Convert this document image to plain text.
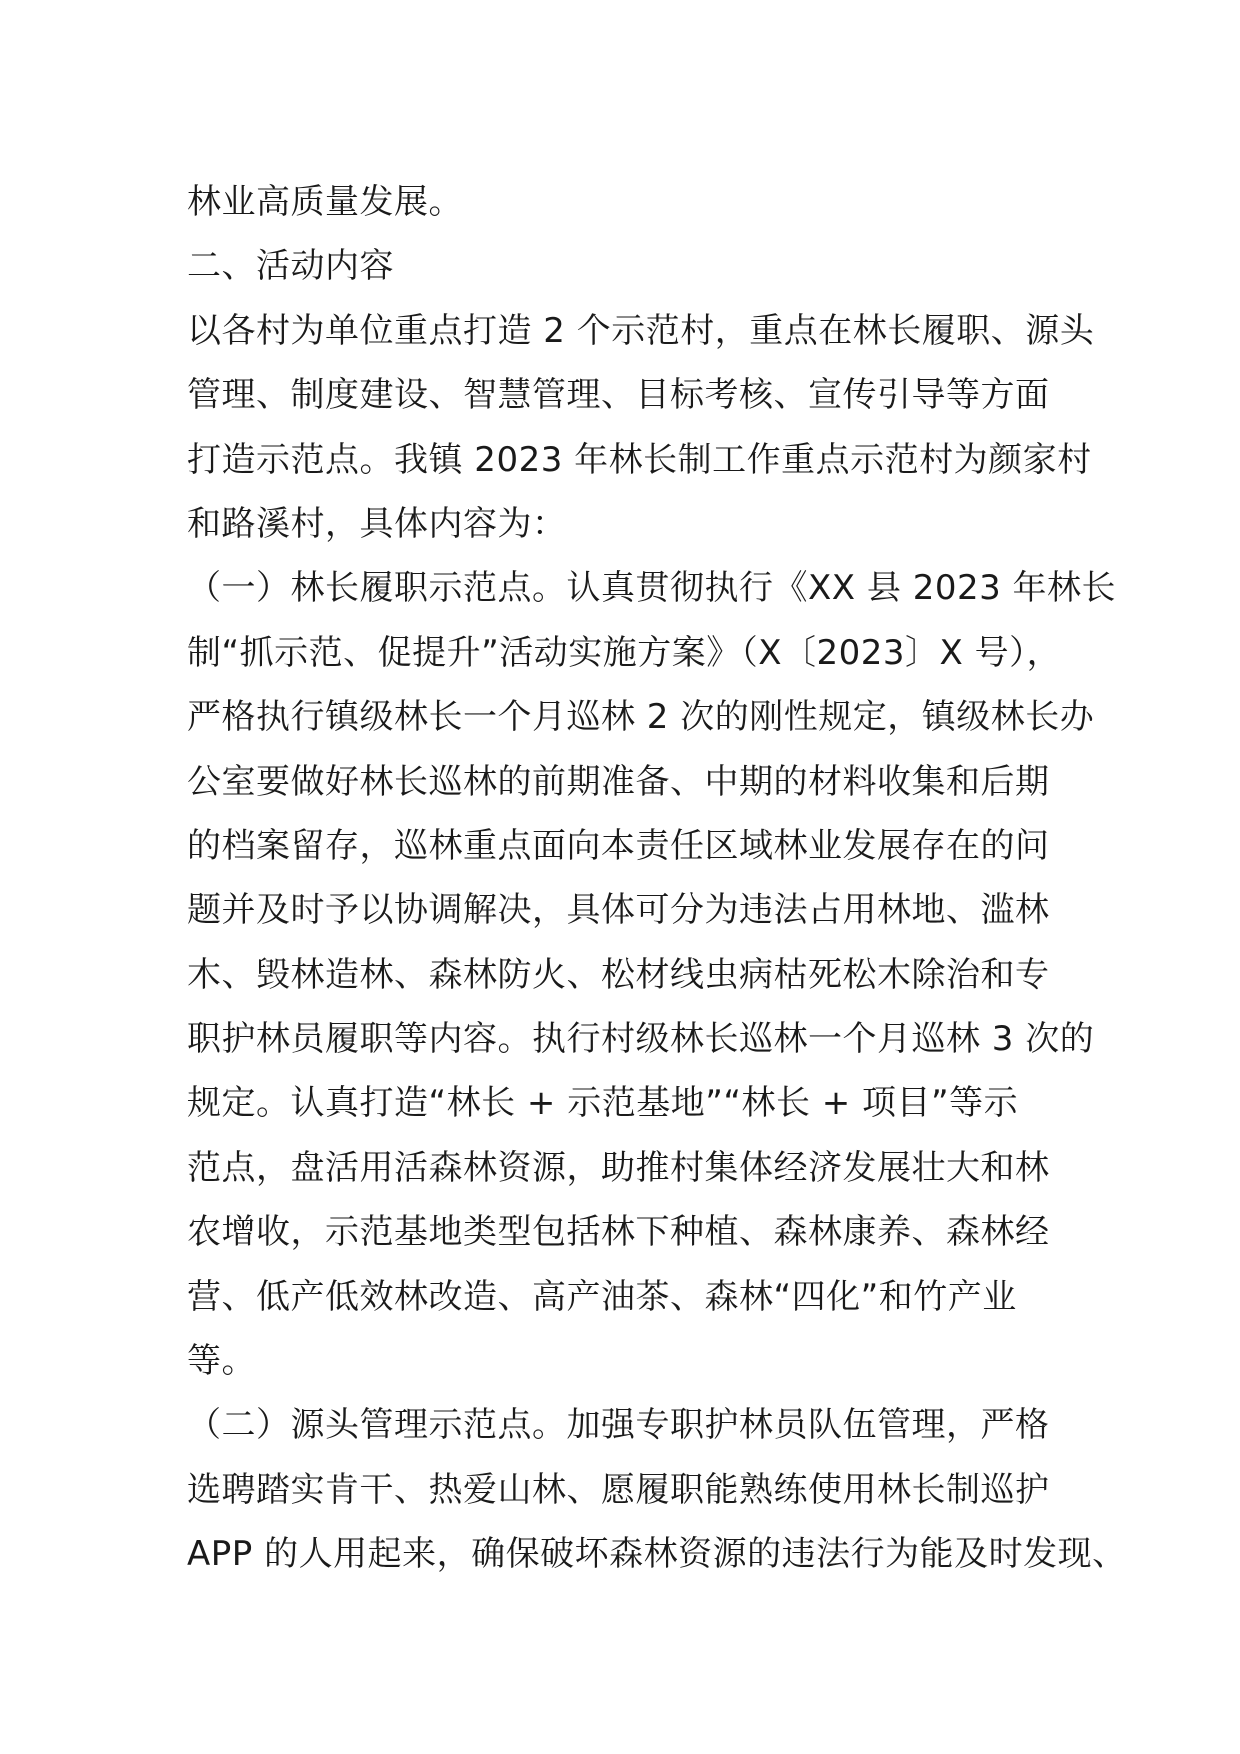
林业高质量发展。
二、活动内容
以各村为单位重点打造 2 个示范村，重点在林长履职、源头
管理、制度建设、智慧管理、目标考核、宣传引导等方面
打造示范点。我镇 2023 年林长制工作重点示范村为颜家村
和路溪村，具体内容为：
（一）林长履职示范点。认真贯彻执行《XX 县 2023 年林长
制“抓示范、促提升”活动实施方案》（X〔2023〕X 号），
严格执行镇级林长一个月巡林 2 次的刚性规定，镇级林长办
公室要做好林长巡林的前期准备、中期的材料收集和后期
的档案留存，巡林重点面向本责任区域林业发展存在的问
题并及时予以协调解决，具体可分为违法占用林地、滥林
木、毁林造林、森林防火、松材线虫病枯死松木除治和专
职护林员履职等内容。执行村级林长巡林一个月巡林 3 次的
规定。认真打造“林长 + 示范基地”“林长 + 项目”等示
范点，盘活用活森林资源，助推村集体经济发展壮大和林
农增收，示范基地类型包括林下种植、森林康养、森林经
营、低产低效林改造、高产油茶、森林“四化”和竹产业
等。
（二）源头管理示范点。加强专职护林员队伍管理，严格
选聘踏实肯干、热爱山林、愿履职能熟练使用林长制巡护
APP 的人用起来，确保破坏森林资源的违法行为能及时发现、
